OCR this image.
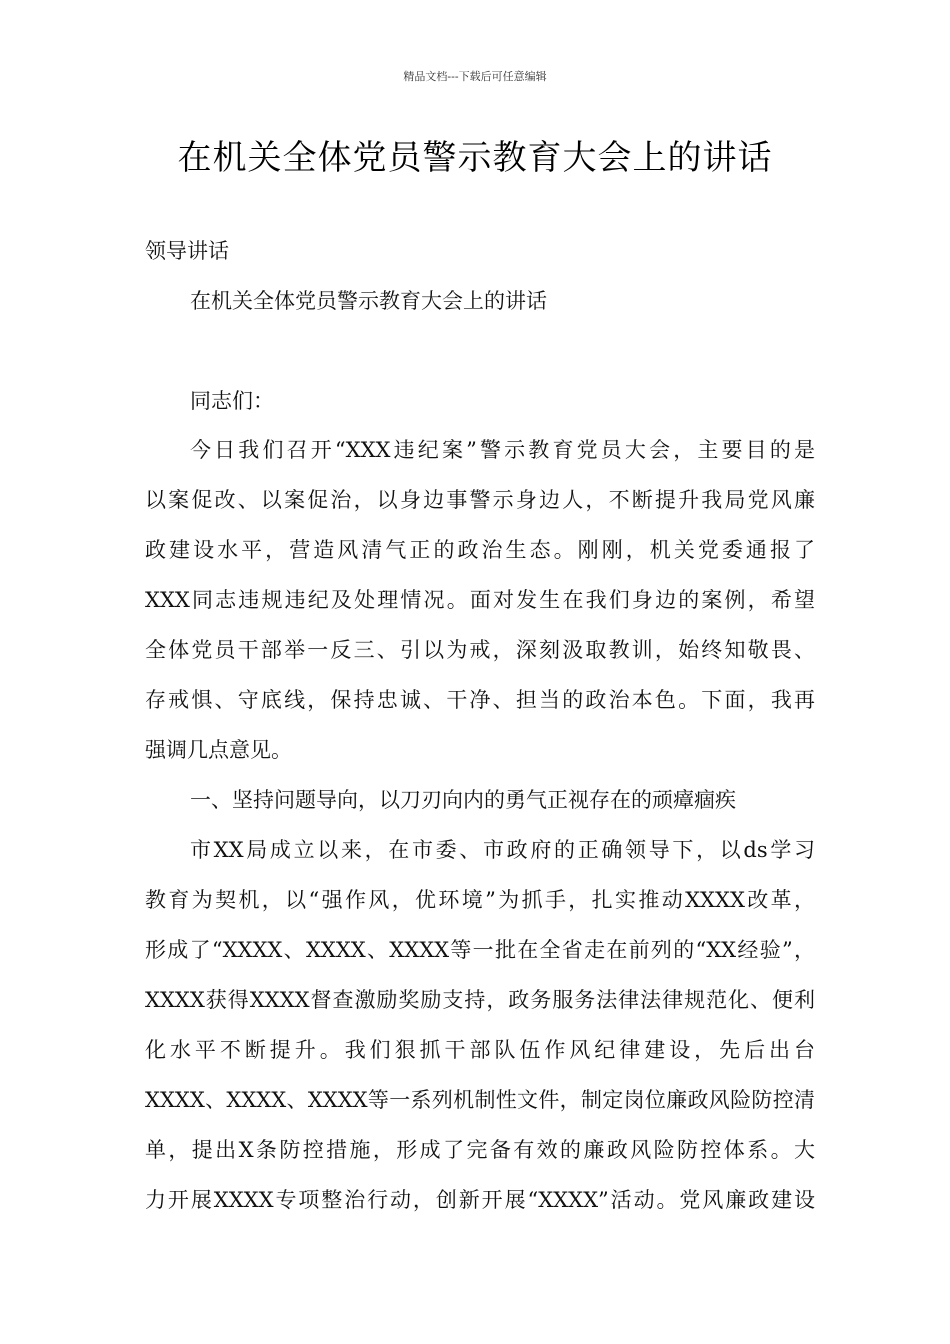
精品文档---下载后可任意编辑
在机关全体党员警示教育大会上的讲话
领导讲话
在机关全体党员警示教育大会上的讲话
同志们：
今日我们召开“XXX违纪案”警示教育党员大会，主要目的是
以案促改、以案促治，以身边事警示身边人，不断提升我局党风廉
政建设水平，营造风清气正的政治生态。刚刚，机关党委通报了
XXX同志违规违纪及处理情况。面对发生在我们身边的案例，希望
全体党员干部举一反三、引以为戒，深刻汲取教训，始终知敬畏、
存戒惧、守底线，保持忠诚、干净、担当的政治本色。下面，我再
强调几点意见。
一、坚持问题导向，以刀刃向内的勇气正视存在的顽瘴痼疾
市XX局成立以来，在市委、市政府的正确领导下，以ds学习
教育为契机，以“强作风，优环境”为抓手，扎实推动XXXX改革，
形成了“XXXX、XXXX、XXXX等一批在全省走在前列的“XX经验”，
XXXX获得XXXX督查激励奖励支持，政务服务法律法律规范化、便利
化水平不断提升。我们狠抓干部队伍作风纪律建设，先后出台
XXXX、XXXX、XXXX等一系列机制性文件，制定岗位廉政风险防控清
单，提出X条防控措施，形成了完备有效的廉政风险防控体系。大
力开展XXXX专项整治行动，创新开展“XXXX”活动。党风廉政建设
